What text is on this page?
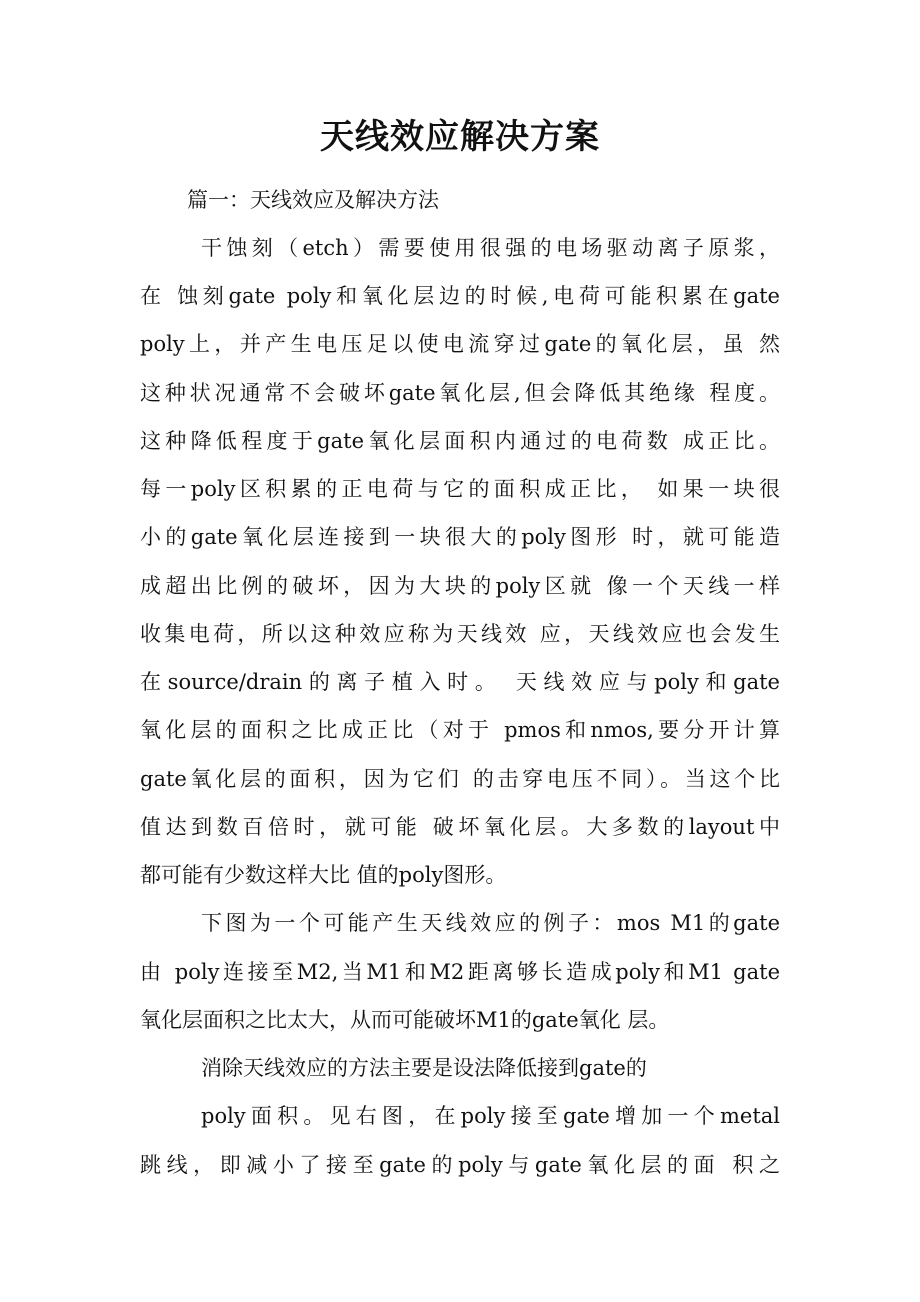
天线效应解决方案
篇一：天线效应及解决方法
干蚀刻（etch）需要使用很强的电场驱动离子原浆，
在 蚀刻gate poly和氧化层边的时候,电荷可能积累在gate
poly上，并产生电压足以使电流穿过gate的氧化层，虽 然
这种状况通常不会破坏gate氧化层,但会降低其绝缘 程度。
这种降低程度于gate氧化层面积内通过的电荷数 成正比。
每一poly区积累的正电荷与它的面积成正比， 如果一块很
小的gate氧化层连接到一块很大的poly图形 时，就可能造
成超出比例的破坏，因为大块的poly区就 像一个天线一样
收集电荷，所以这种效应称为天线效 应，天线效应也会发生
在source/drain的离子植入时。 天线效应与poly和gate
氧化层的面积之比成正比（对于 pmos和nmos,要分开计算
gate氧化层的面积，因为它们 的击穿电压不同）。当这个比
值达到数百倍时，就可能 破坏氧化层。大多数的layout中
都可能有少数这样大比 值的poly图形。
下图为一个可能产生天线效应的例子：mos M1的gate
由 poly连接至M2,当M1和M2距离够长造成poly和M1 gate
氧化层面积之比太大，从而可能破坏M1的gate氧化 层。
消除天线效应的方法主要是设法降低接到gate的
poly面积。见右图，在poly接至gate增加一个metal
跳线，即减小了接至gate的poly与gate氧化层的面 积之
